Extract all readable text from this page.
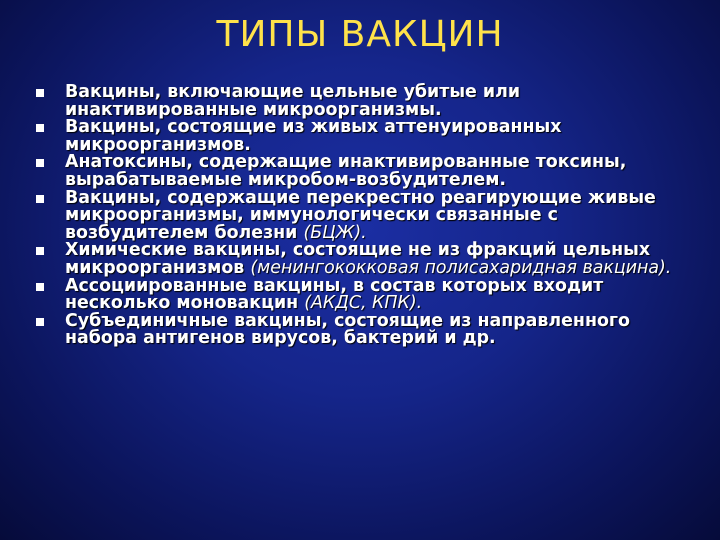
ТИПЫ ВАКЦИН
Вакцины, включающие цельные убитые или инактивированные микроорганизмы.
Вакцины, состоящие из живых аттенуированных микроорганизмов.
Анатоксины, содержащие инактивированные токсины, вырабатываемые микробом-возбудителем.
Вакцины, содержащие перекрестно реагирующие живые микроорганизмы, иммунологически связанные с возбудителем болезни (БЦЖ).
Химические вакцины, состоящие не из фракций цельных микроорганизмов (менингококковая полисахаридная вакцина).
Ассоциированные вакцины, в состав которых входит несколько моновакцин (АКДС, КПК).
Субъединичные вакцины, состоящие из направленного набора антигенов вирусов, бактерий и др.
